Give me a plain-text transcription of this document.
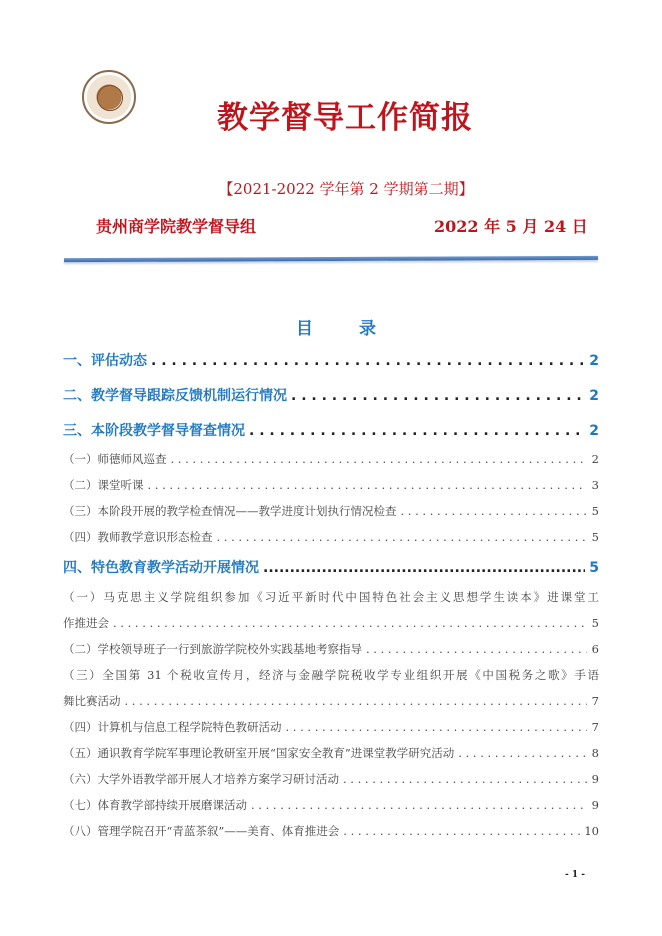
教学督导工作简报
【2021-2022 学年第 2 学期第二期】
贵州商学院教学督导组	2022 年 5 月 24 日
目 录
一、评估动态 . . .	2
二、教学督导跟踪反馈机制运行情况 . . .	2
三、本阶段教学督导督查情况 . . .	2
（一）师德师风巡查 . . .	2
（二）课堂听课 . . .	3
（三）本阶段开展的教学检查情况——教学进度计划执行情况检查 . . .	5
（四）教师教学意识形态检查 . . .	5
四、特色教育教学活动开展情况 .....	5
（一）马克思主义学院组织参加《习近平新时代中国特色社会主义思想学生读本》进课堂工
作推进会 . . .	5
（二）学校领导班子一行到旅游学院校外实践基地考察指导 . . .	6
（三）全国第 31 个税收宣传月，经济与金融学院税收学专业组织开展《中国税务之歌》手语
舞比赛活动 . . .	7
（四）计算机与信息工程学院特色教研活动 . . .	7
（五）通识教育学院军事理论教研室开展“国家安全教育”进课堂教学研究活动 . . .	8
（六）大学外语教学部开展人才培养方案学习研讨活动 . . .	9
（七）体育教学部持续开展磨课活动 . . .	9
（八）管理学院召开“青蓝茶叙”——美育、体育推进会 . . .	10
- 1 -
